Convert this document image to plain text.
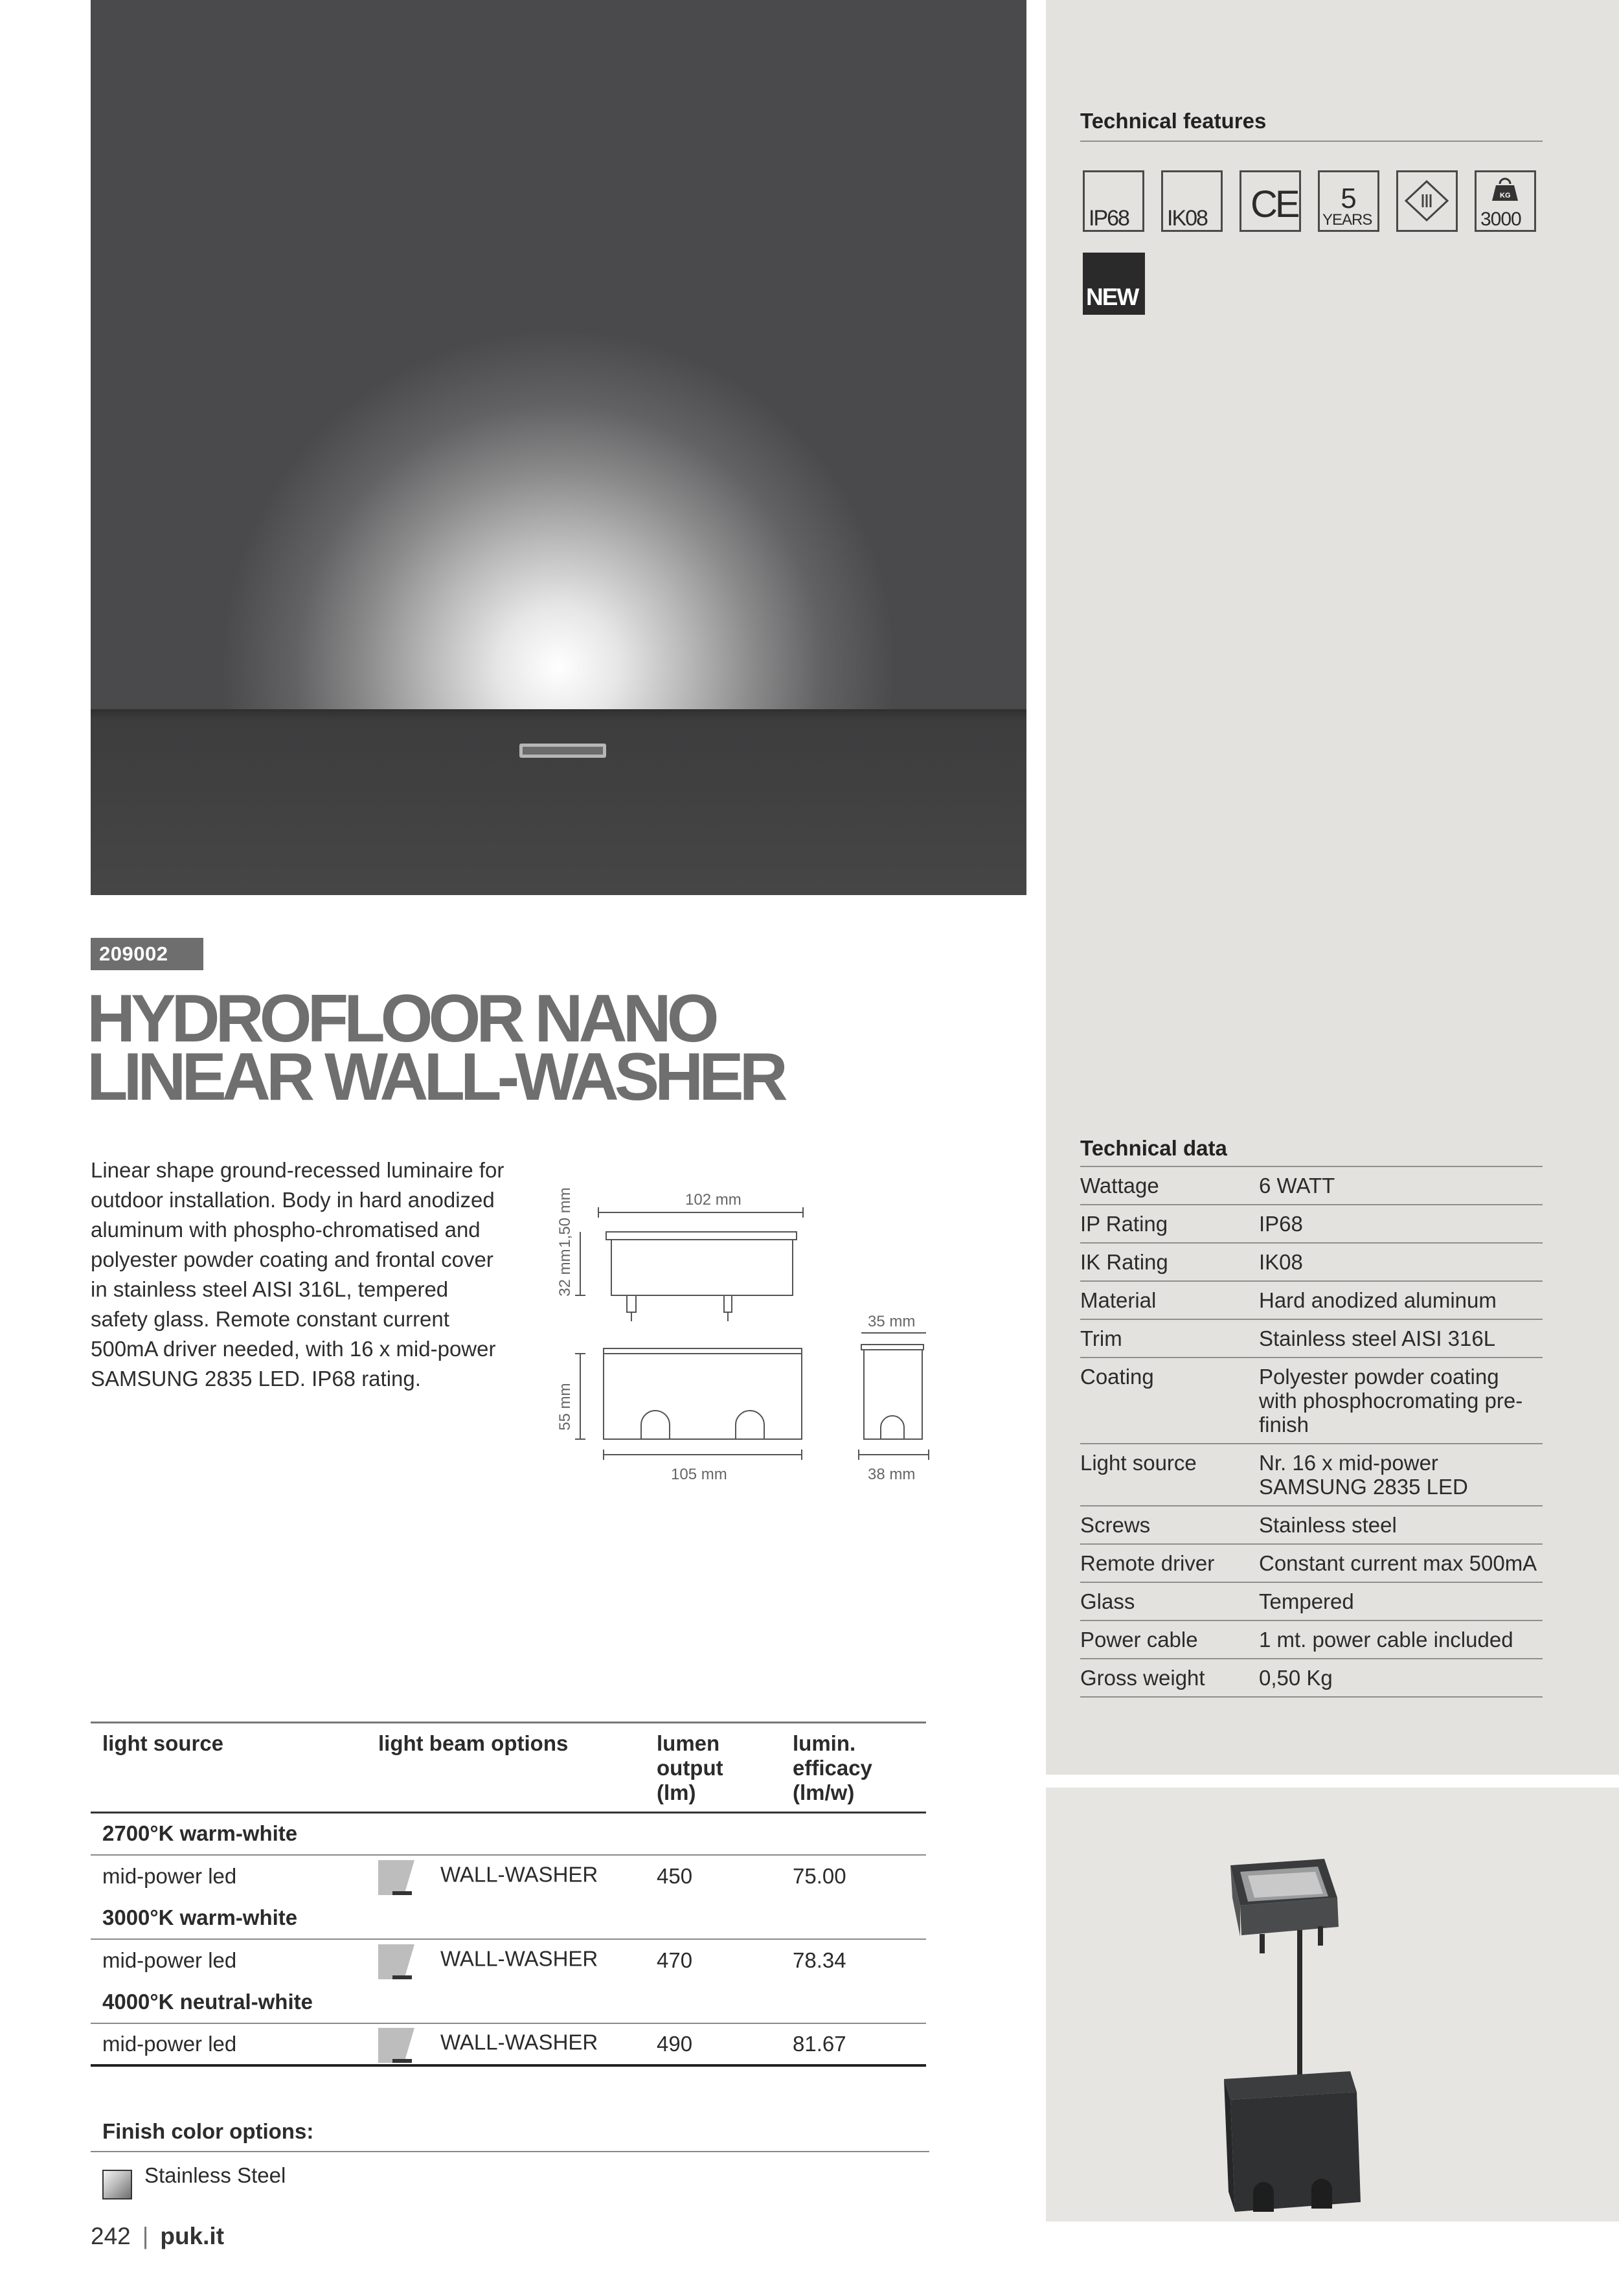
209002
HYDROFLOOR NANO
LINEAR WALL-WASHER

Linear shape ground-recessed luminaire for outdoor installation. Body in hard anodized aluminum with phospho-chromatised and polyester powder coating and frontal cover in stainless steel AISI 316L, tempered safety glass. Remote constant current 500mA driver needed, with 16 x mid-power SAMSUNG 2835 LED. IP68 rating.

102 mm
1,50 mm
32 mm
55 mm
105 mm
35 mm
38 mm
light source	light beam options	lumen output (lm)	lumin. efficacy (lm/w)

2700°K warm-white			
mid-power led	WALL-WASHER	450	75.00
3000°K warm-white			
mid-power led	WALL-WASHER	470	78.34
4000°K neutral-white			
mid-power led	WALL-WASHER	490	81.67
Finish color options:
Stainless Steel
242 | puk.it
Technical features
IP68 IK08 CE	5
YEARS
KG
3000
NEW
Technical data
Wattage	6 WATT
IP Rating	IP68
IK Rating	IK08
Material	Hard anodized aluminum
Trim	Stainless steel AISI 316L
Coating	Polyester powder coating with phosphocromating pre-finish
Light source	Nr. 16 x mid-power SAMSUNG 2835 LED
Screws	Stainless steel
Remote driver	Constant current max 500mA
Glass	Tempered
Power cable	1 mt. power cable included
Gross weight	0,50 Kg
